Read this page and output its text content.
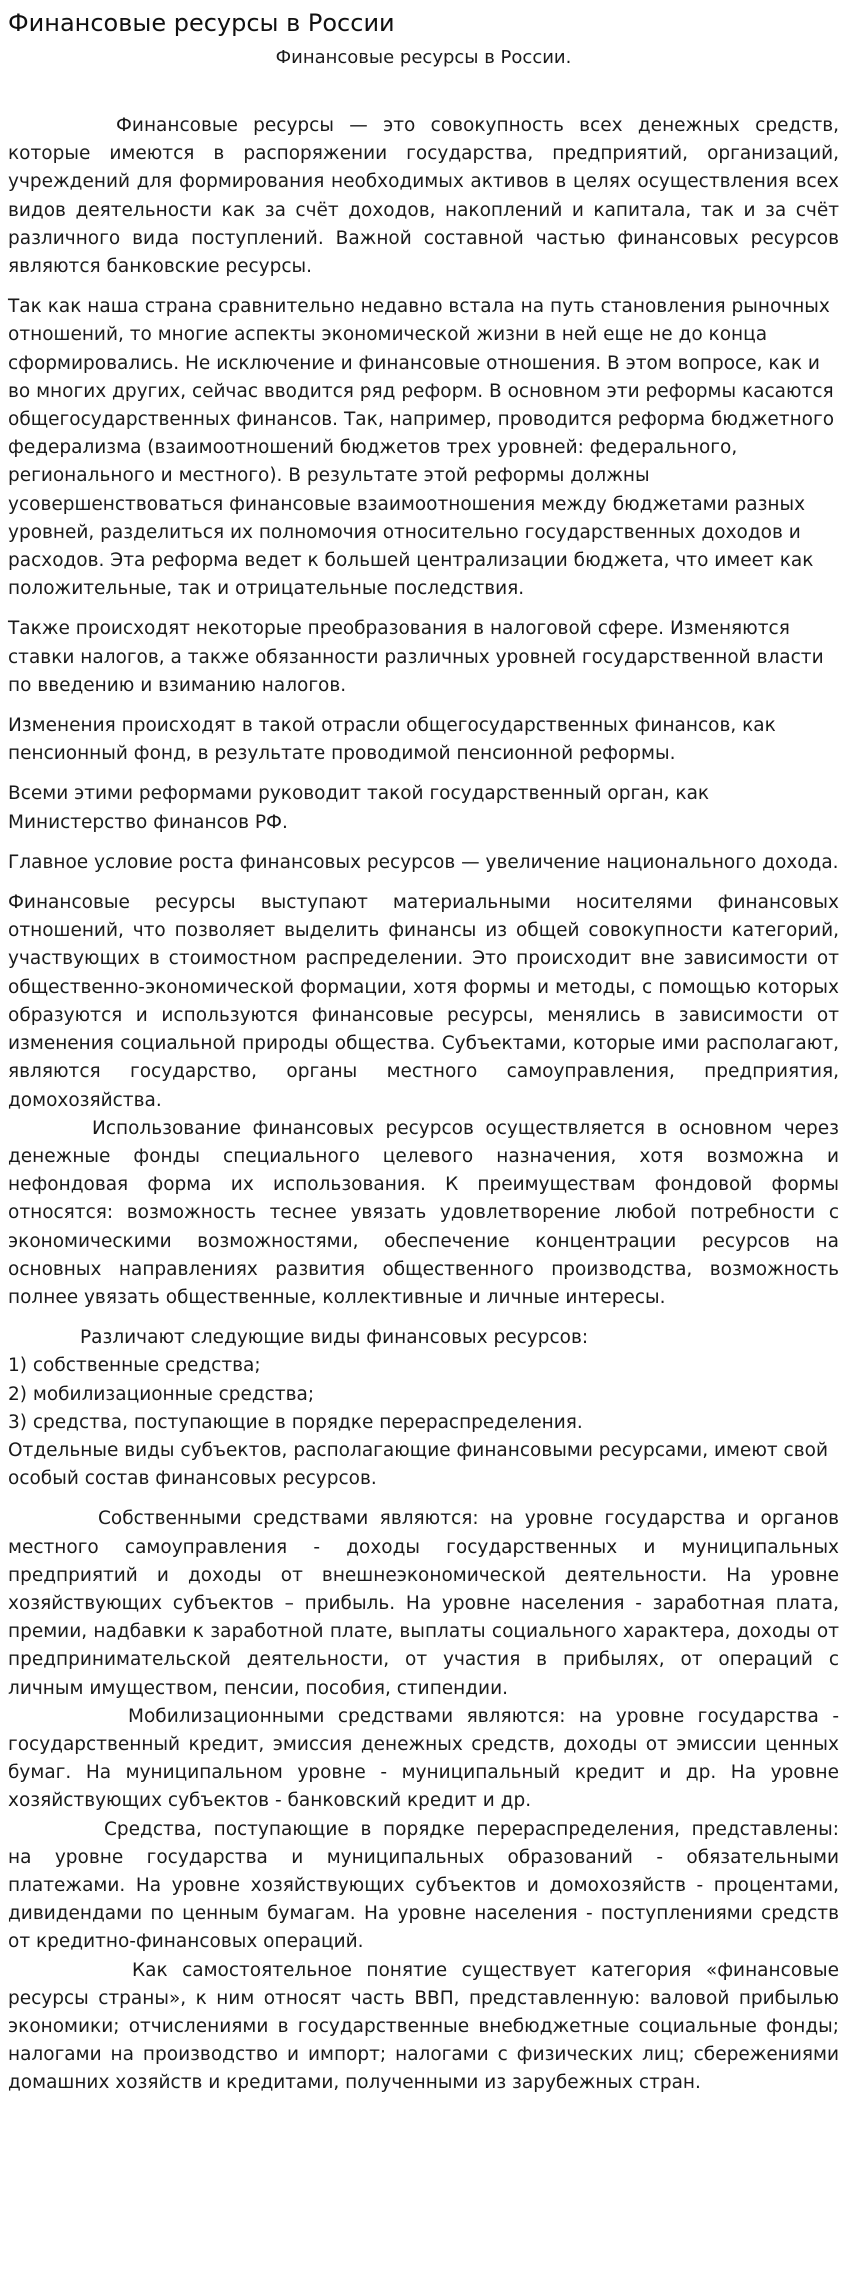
Финансовые ресурсы в России
Финансовые ресурсы в России.

Финансовые ресурсы — это совокупность всех денежных средств, которые имеются в распоряжении государства, предприятий, организаций, учреждений для формирования необходимых активов в целях осуществления всех видов деятельности как за счёт доходов, накоплений и капитала, так и за счёт различного вида поступлений. Важной составной частью финансовых ресурсов являются банковские ресурсы.

Так как наша страна сравнительно недавно встала на путь становления рыночных отношений, то многие аспекты экономической жизни в ней еще не до конца сформировались. Не исключение и финансовые отношения. В этом вопросе, как и во многих других, сейчас вводится ряд реформ. В основном эти реформы касаются общегосударственных финансов. Так, например, проводится реформа бюджетного федерализма (взаимоотношений бюджетов трех уровней: федерального, регионального и местного). В результате этой реформы должны усовершенствоваться финансовые взаимоотношения между бюджетами разных уровней, разделиться их полномочия относительно государственных доходов и расходов. Эта реформа ведет к большей централизации бюджета, что имеет как положительные, так и отрицательные последствия.

Также происходят некоторые преобразования в налоговой сфере. Изменяются ставки налогов, а также обязанности различных уровней государственной власти по введению и взиманию налогов.

Изменения происходят в такой отрасли общегосударственных финансов, как пенсионный фонд, в результате проводимой пенсионной реформы.

Всеми этими реформами руководит такой государственный орган, как Министерство финансов РФ.

Главное условие роста финансовых ресурсов — увеличение национального дохода.

Финансовые ресурсы выступают материальными носителями финансовых отношений, что позволяет выделить финансы из общей совокупности категорий, участвующих в стоимостном распределении. Это происходит вне зависимости от общественно-экономической формации, хотя формы и методы, с помощью которых образуются и используются финансовые ресурсы, менялись в зависимости от изменения социальной природы общества. Субъектами, которые ими располагают, являются государство, органы местного самоуправления, предприятия, домохозяйства.

Использование финансовых ресурсов осуществляется в основном через денежные фонды специального целевого назначения, хотя возможна и нефондовая форма их использования. К преимуществам фондовой формы относятся: возможность теснее увязать удовлетворение любой потребности с экономическими возможностями, обеспечение концентрации ресурсов на основных направлениях развития общественного производства, возможность полнее увязать общественные, коллективные и личные интересы.

Различают следующие виды финансовых ресурсов:
1) собственные средства;
2) мобилизационные средства;
3) средства, поступающие в порядке перераспределения.
Отдельные виды субъектов, располагающие финансовыми ресурсами, имеют свой особый состав финансовых ресурсов.

Собственными средствами являются: на уровне государства и органов местного самоуправления - доходы государственных и муниципальных предприятий и доходы от внешнеэкономической деятельности. На уровне хозяйствующих субъектов – прибыль. На уровне населения - заработная плата, премии, надбавки к заработной плате, выплаты социального характера, доходы от предпринимательской деятельности, от участия в прибылях, от операций с личным имуществом, пенсии, пособия, стипендии.

Мобилизационными средствами являются: на уровне государства - государственный кредит, эмиссия денежных средств, доходы от эмиссии ценных бумаг. На муниципальном уровне - муниципальный кредит и др. На уровне хозяйствующих субъектов - банковский кредит и др.

Средства, поступающие в порядке перераспределения, представлены: на уровне государства и муниципальных образований - обязательными платежами. На уровне хозяйствующих субъектов и домохозяйств - процентами, дивидендами по ценным бумагам. На уровне населения - поступлениями средств от кредитно-финансовых операций.

Как самостоятельное понятие существует категория «финансовые ресурсы страны», к ним относят часть ВВП, представленную: валовой прибылью экономики; отчислениями в государственные внебюджетные социальные фонды; налогами на производство и импорт; налогами с физических лиц; сбережениями домашних хозяйств и кредитами, полученными из зарубежных стран.
